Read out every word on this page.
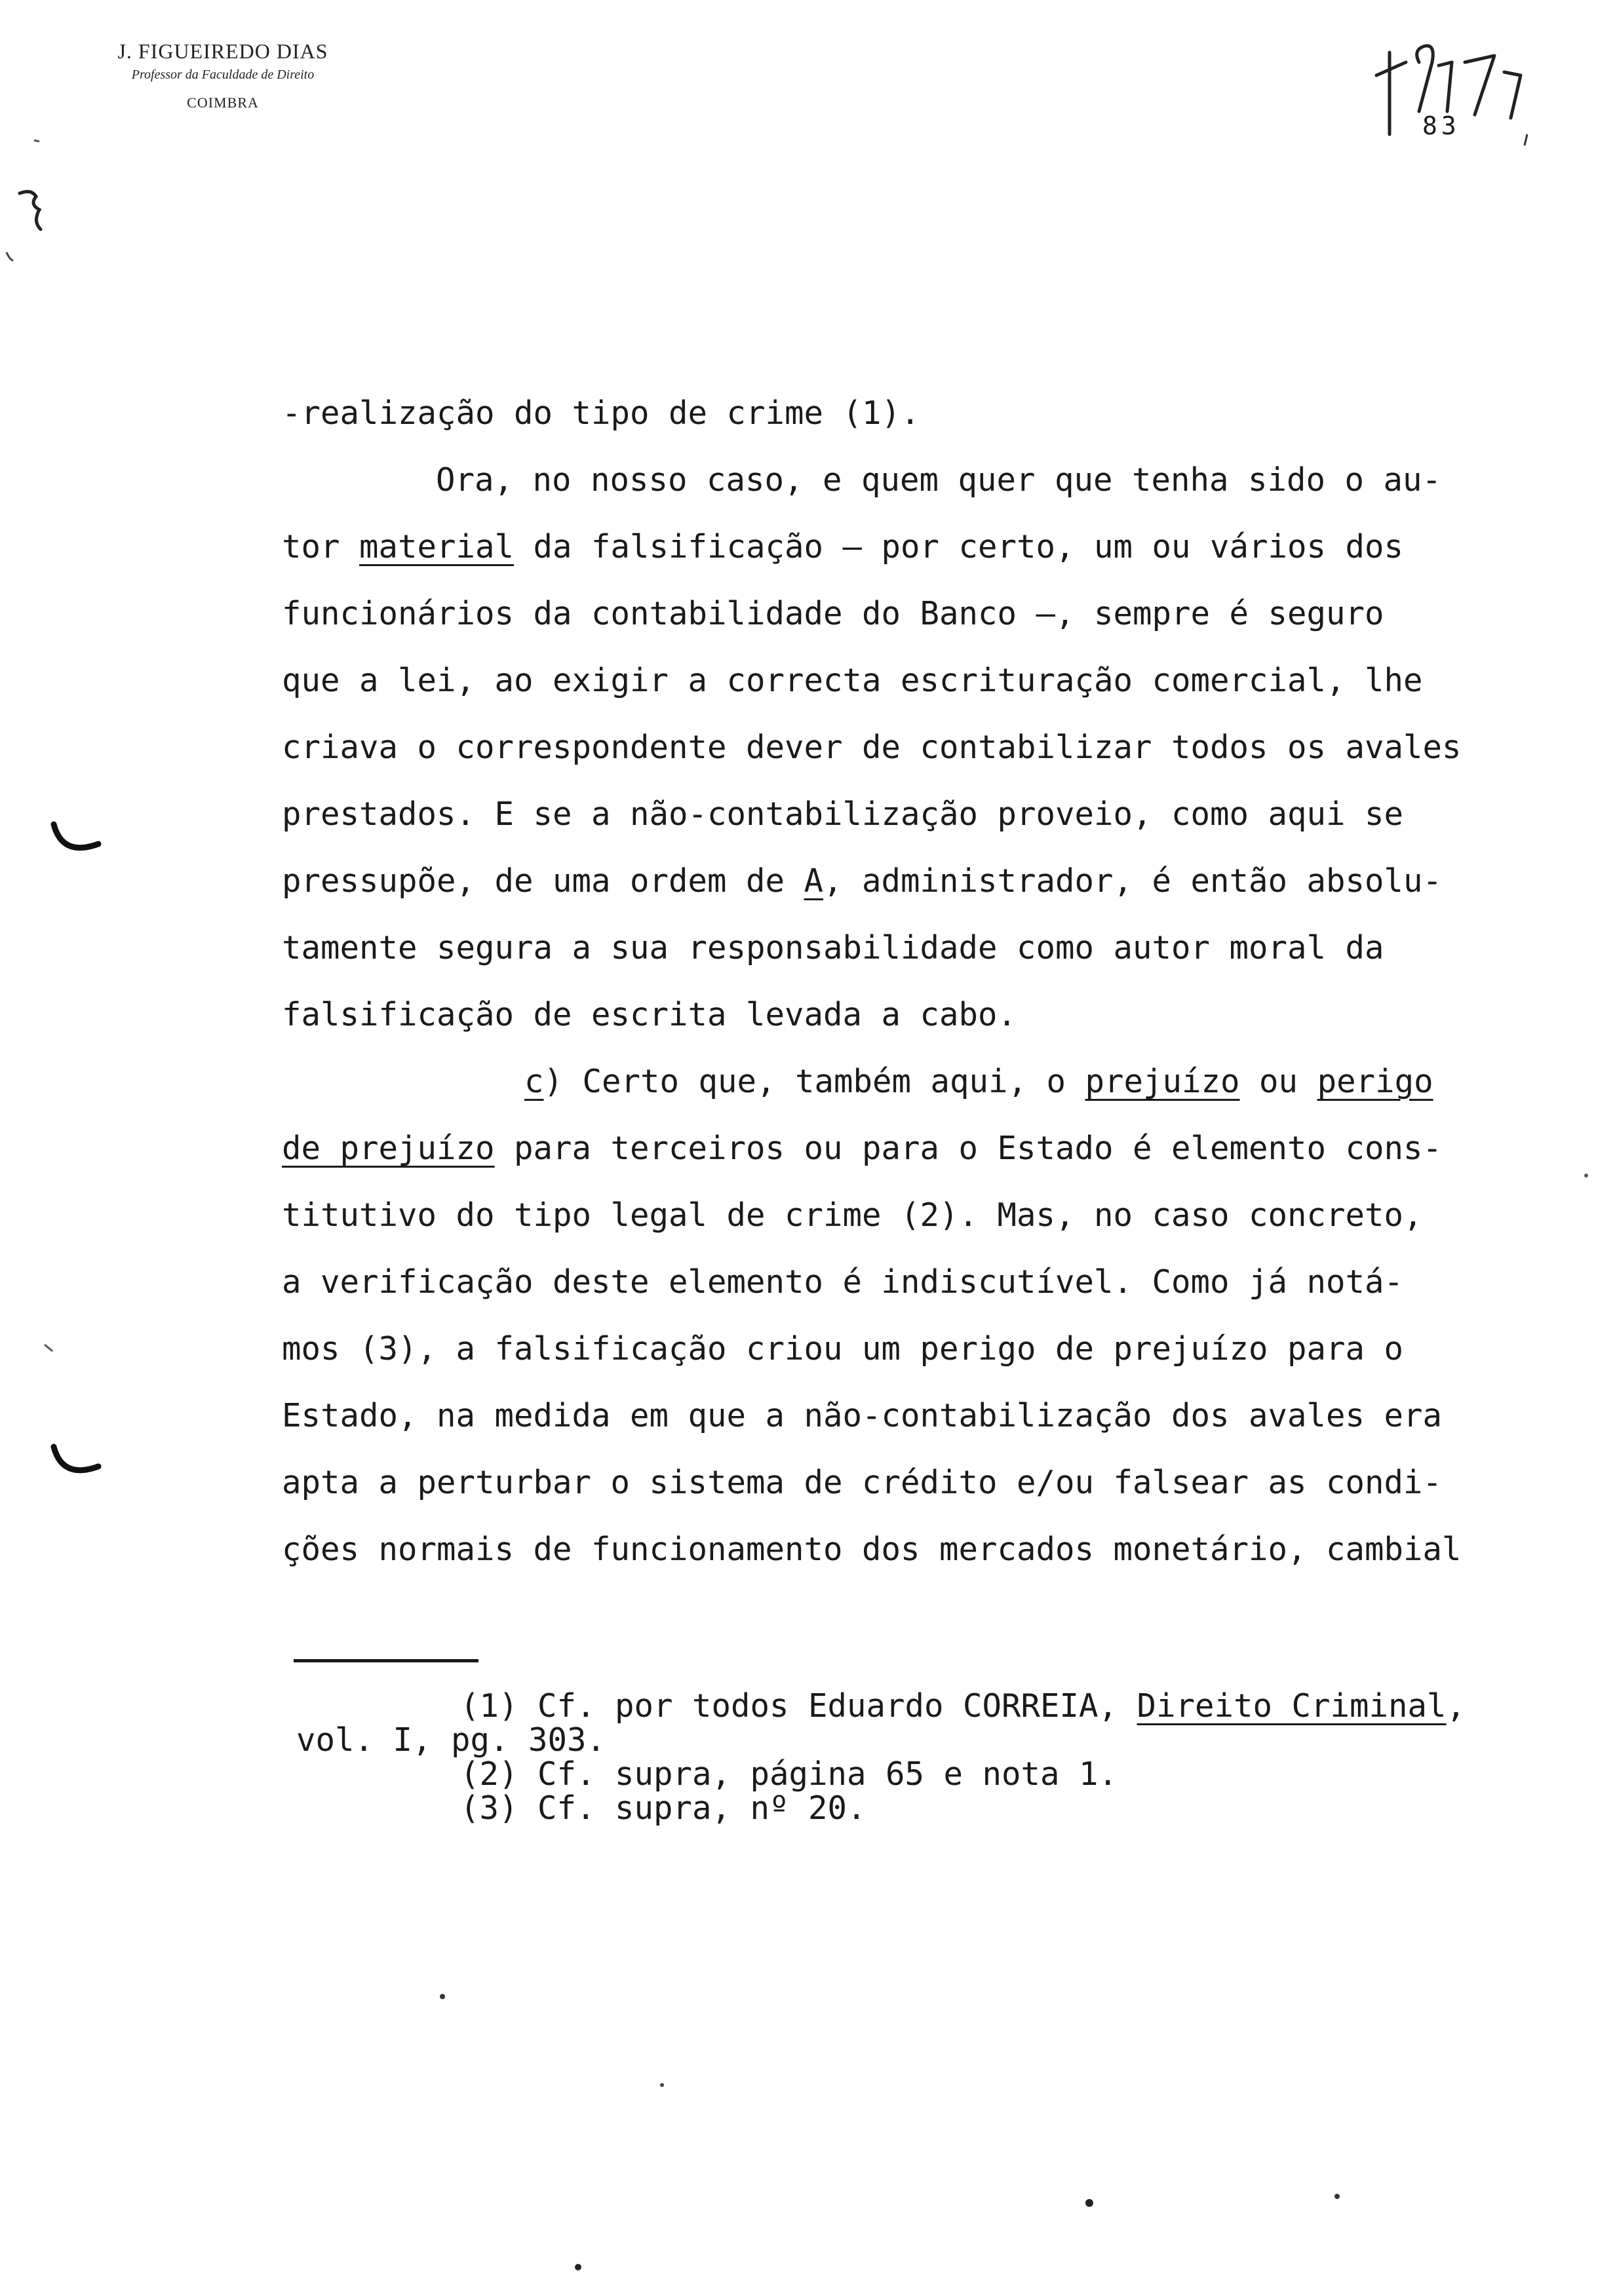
J. FIGUEIREDO DIAS
Professor da Faculdade de Direito
COIMBRA
83
-realização do tipo de crime (1).
Ora, no nosso caso, e quem quer que tenha sido o au-
tor material da falsificação — por certo, um ou vários dos
funcionários da contabilidade do Banco —, sempre é seguro
que a lei, ao exigir a correcta escrituração comercial, lhe
criava o correspondente dever de contabilizar todos os avales
prestados. E se a não-contabilização proveio, como aqui se
pressupõe, de uma ordem de A, administrador, é então absolu-
tamente segura a sua responsabilidade como autor moral da
falsificação de escrita levada a cabo.
c) Certo que, também aqui, o prejuízo ou perigo
de prejuízo para terceiros ou para o Estado é elemento cons-
titutivo do tipo legal de crime (2). Mas, no caso concreto,
a verificação deste elemento é indiscutível. Como já notá-
mos (3), a falsificação criou um perigo de prejuízo para o
Estado, na medida em que a não-contabilização dos avales era
apta a perturbar o sistema de crédito e/ou falsear as condi-
ções normais de funcionamento dos mercados monetário, cambial
(1) Cf. por todos Eduardo CORREIA, Direito Criminal,
vol. I, pg. 303.
(2) Cf. supra, página 65 e nota 1.
(3) Cf. supra, nº 20.
